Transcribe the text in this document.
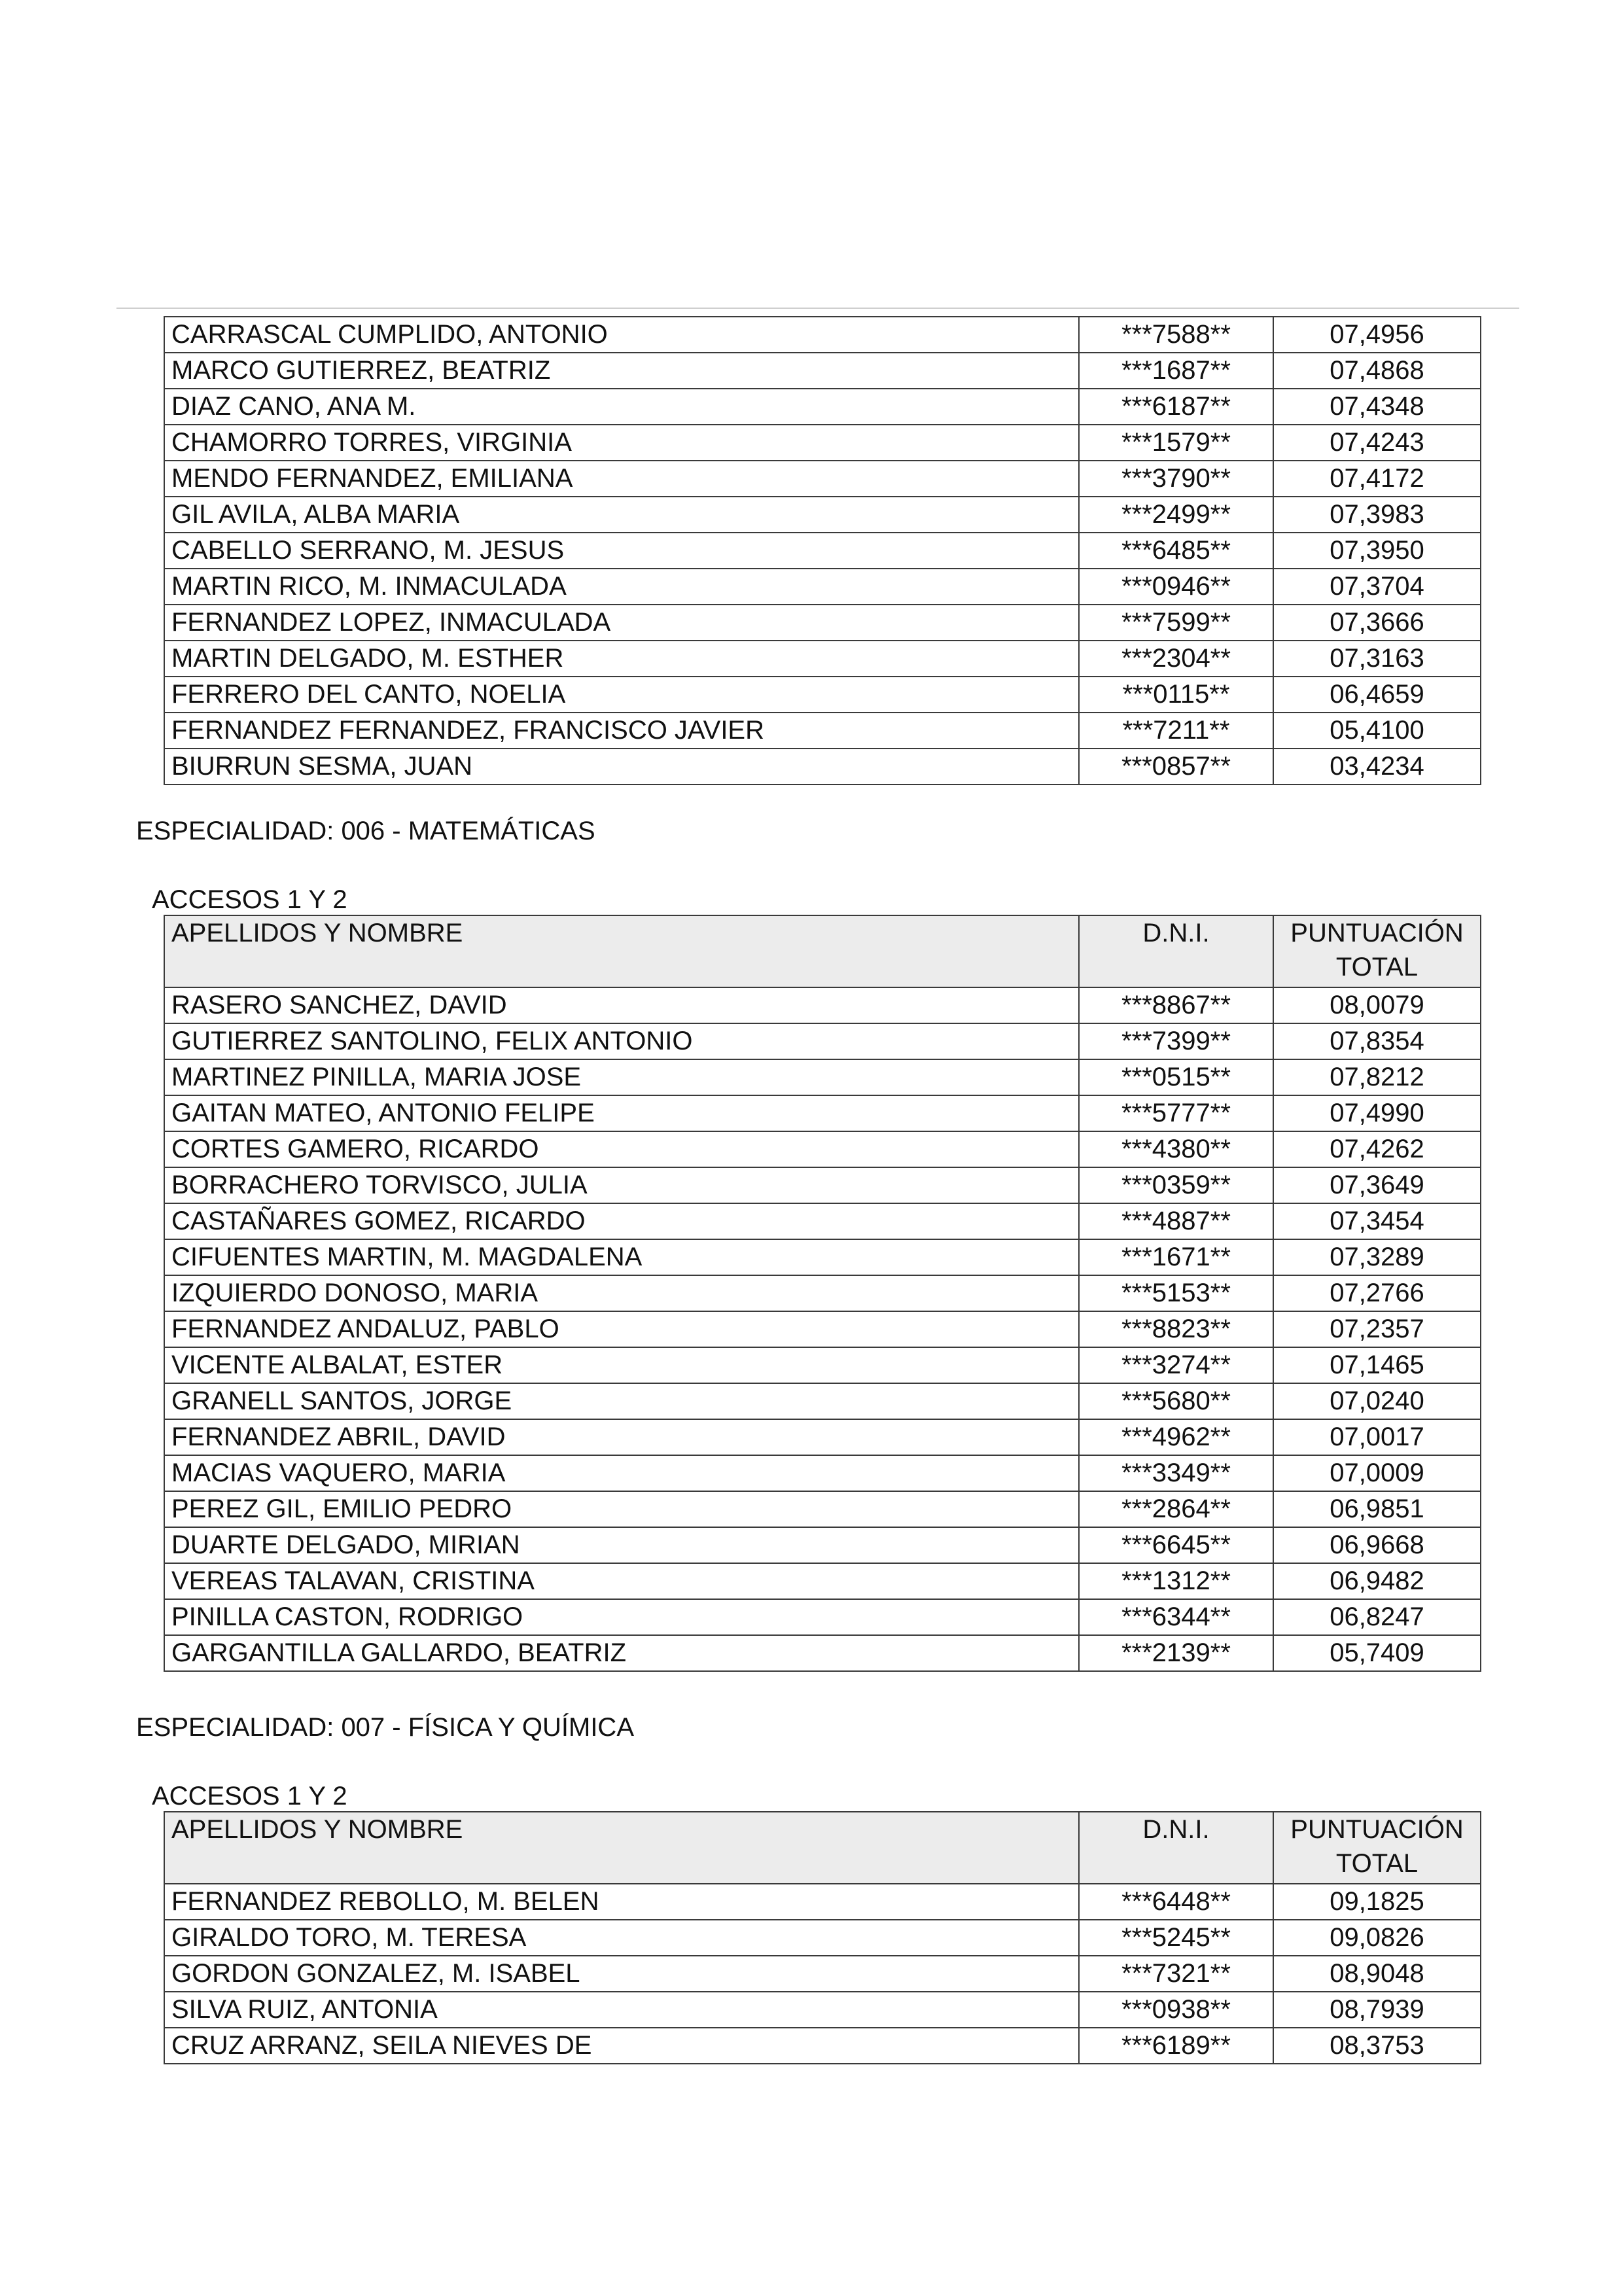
CARRASCAL CUMPLIDO, ANTONIO	***7588**	07,4956
MARCO GUTIERREZ, BEATRIZ	***1687**	07,4868
DIAZ CANO, ANA M.	***6187**	07,4348
CHAMORRO TORRES, VIRGINIA	***1579**	07,4243
MENDO FERNANDEZ, EMILIANA	***3790**	07,4172
GIL AVILA, ALBA MARIA	***2499**	07,3983
CABELLO SERRANO, M. JESUS	***6485**	07,3950
MARTIN RICO, M. INMACULADA	***0946**	07,3704
FERNANDEZ LOPEZ, INMACULADA	***7599**	07,3666
MARTIN DELGADO, M. ESTHER	***2304**	07,3163
FERRERO DEL CANTO, NOELIA	***0115**	06,4659
FERNANDEZ FERNANDEZ, FRANCISCO JAVIER	***7211**	05,4100
BIURRUN SESMA, JUAN	***0857**	03,4234
ESPECIALIDAD: 006 - MATEMÁTICAS
ACCESOS 1 Y 2
APELLIDOS Y NOMBRE	D.N.I.	PUNTUACIÓN TOTAL
RASERO SANCHEZ, DAVID	***8867**	08,0079
GUTIERREZ SANTOLINO, FELIX ANTONIO	***7399**	07,8354
MARTINEZ PINILLA, MARIA JOSE	***0515**	07,8212
GAITAN MATEO, ANTONIO FELIPE	***5777**	07,4990
CORTES GAMERO, RICARDO	***4380**	07,4262
BORRACHERO TORVISCO, JULIA	***0359**	07,3649
CASTAÑARES GOMEZ, RICARDO	***4887**	07,3454
CIFUENTES MARTIN, M. MAGDALENA	***1671**	07,3289
IZQUIERDO DONOSO, MARIA	***5153**	07,2766
FERNANDEZ ANDALUZ, PABLO	***8823**	07,2357
VICENTE ALBALAT, ESTER	***3274**	07,1465
GRANELL SANTOS, JORGE	***5680**	07,0240
FERNANDEZ ABRIL, DAVID	***4962**	07,0017
MACIAS VAQUERO, MARIA	***3349**	07,0009
PEREZ GIL, EMILIO PEDRO	***2864**	06,9851
DUARTE DELGADO, MIRIAN	***6645**	06,9668
VEREAS TALAVAN, CRISTINA	***1312**	06,9482
PINILLA CASTON, RODRIGO	***6344**	06,8247
GARGANTILLA GALLARDO, BEATRIZ	***2139**	05,7409
ESPECIALIDAD: 007 - FÍSICA Y QUÍMICA
ACCESOS 1 Y 2
APELLIDOS Y NOMBRE	D.N.I.	PUNTUACIÓN TOTAL
FERNANDEZ REBOLLO, M. BELEN	***6448**	09,1825
GIRALDO TORO, M. TERESA	***5245**	09,0826
GORDON GONZALEZ, M. ISABEL	***7321**	08,9048
SILVA RUIZ, ANTONIA	***0938**	08,7939
CRUZ ARRANZ, SEILA NIEVES DE	***6189**	08,3753
